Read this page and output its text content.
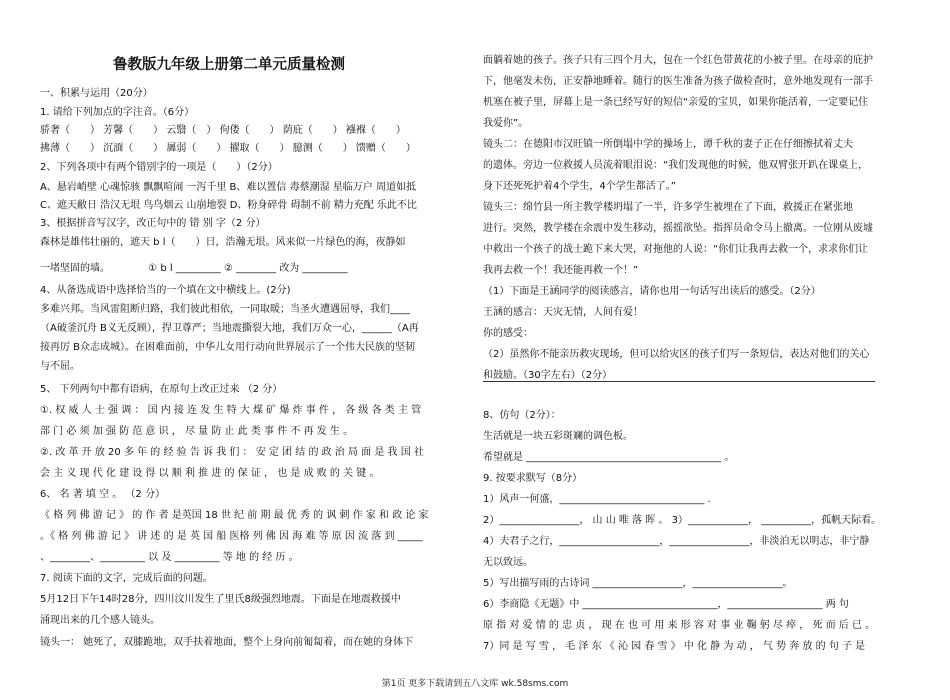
鲁教版九年级上册第二单元质量检测
一、积累与运用（20分）
1. 请给下列加点的字注音。（6分）
骄奢（　　） 芳馨（　　） 云翳（　） 佝偻（　　） 荫庇（　　） 襁褓（　　）
拂薄（　　） 沉湎（　　） 羼弱（　　） 擢取（　　） 臆测（　　） 馈赠（　　）
2、下列各项中有两个错别字的一项是（　　）（2分）
A、悬岩峭壁 心魂惊骇 飘飘喧闹 一泻千里 B、难以置信 毒蔡潮湿 星临万户 周道如抵
C、遮天敝日 浩汉无垠 鸟鸟烟云 山崩地裂 D、粉身碎骨 碍制不前 精力充配 乐此不比
3、根据拼音写汉字，改正句中的 错 别 字（2 分）
森林是雄伟壮丽的，遮天 b l（　　）日，浩瀚无垠。风来似一片绿色的海，夜静如
一堵坚固的墙。　　　　 ① b l _________ ② ________ 改为 _________
4、从备选成语中选择恰当的一个填在文中横线上。(2分)
多难兴邦。当风雷阻断归路，我们彼此相依，一同取暖；当圣火遭遇屈辱，我们____
（A破釜沉舟 B义无反顾），捍卫尊严；当地震撕裂大地，我们万众一心，______（A再
接再厉 B众志成城）。在困难面前，中华儿女用行动向世界展示了一个伟大民族的坚韧
与不屈。
5、 下列两句中都有语病，在原句上改正过来 （2 分）
①. 权 威 人 士 强 调 ： 国 内 接 连 发 生 特 大 煤 矿 爆 炸 事 件 ， 各 级 各 类 主 管
部 门 必 须 加 强 防 范 意 识 ， 尽 量 防 止 此 类 事 件 不 再 发 生 。
②. 改 革 开 放 20 多 年 的 经 验 告 诉 我 们 ： 安 定 团 结 的 政 治 局 面 是 我 国 社
会 主 义 现 代 化 建 设 得 以 顺 利 推 进 的 保 证 ， 也 是 成 败 的 关 键 。
6、 名 著 填 空 。 （2 分）
《 格 列 佛 游 记 》 的 作 者 是英国 18 世 纪 前 期 最 优 秀 的 讽 刺 作 家 和 政 论 家
。《 格 列 佛 游 记 》 讲 述 的 是 英 国 船 医格 列 佛 因 海 难 等 原 因 流 落 到 _____
、________、_________ 以 及 _________ 等 地 的 经 历 。
7. 阅读下面的文字，完成后面的问题。
5月12日下午14时28分，四川汶川发生了里氏8级强烈地震。下面是在地震救援中
涌现出来的几个感人镜头。
镜头一： 她死了，双膝跪地，双手扶着地面，整个上身向前匍匐着，而在她的身体下
面躺着她的孩子。孩子只有三四个月大，包在一个红色带黄花的小被子里。在母亲的庇护
下，他毫发未伤，正安静地睡着。随行的医生准备为孩子做检查时，意外地发现有一部手
机塞在被子里，屏幕上是一条已经写好的短信“亲爱的宝贝，如果你能活着，一定要记住
我爱你”。
镜头二：在德阳市汉旺镇一所倒塌中学的操场上，谭千秋的妻子正在仔细擦拭着丈夫
的遗体。旁边一位救援人员流着眼泪说：“我们发现他的时候，他双臂张开趴在课桌上，
身下还死死护着4个学生，4个学生都活了。”
镜头三：绵竹县一所主教学楼坍塌了一半，许多学生被埋在了下面，救援正在紧张地
进行。突然，教学楼在余震中发生移动，摇摇欲坠。指挥员命令马上撤离。一位刚从废墟
中救出一个孩子的战士跪下来大哭，对拖他的人说：“你们让我再去救一个，求求你们让
我再去救一个！我还能再救一个！”
（1）下面是王涵同学的阅读感言，请你也用一句话写出读后的感受。（2分）
王涵的感言：天灾无情，人间有爱！
你的感受：
（2）虽然你不能亲历救灾现场，但可以给灾区的孩子们写一条短信，表达对他们的关心
和鼓励。（30字左右）（2分）
8、仿句（2分）：
生活就是一块五彩斑斓的调色板。
希望就是 _______________________________________ 。
9. 按要求默写（8分）
1）风声一何盛，_____________________________ .
2）________________， 山 山 唯 落 晖 。 3）____________， __________，孤帆天际看。
4）夫君子之行，____________________，________________，非淡泊无以明志，非宁静
无以致远。
5）写出描写雨的古诗词 __________________，__________________。
6）李商隐《无题》中 ___________________________，___________________ 两 句
原 指 对 爱 情 的 忠 贞 ， 现 在 也 可 用 来 形 容 对 事 业 鞠 躬 尽 瘁 ， 死 而 后 已 。
7）同 是 写 雪 ， 毛 泽 东 《 沁 园 春 雪 》 中 化 静 为 动 ， 气 势 奔 放 的 句 子 是
第1页 更多下载请到五八文库 wk.58sms.com
